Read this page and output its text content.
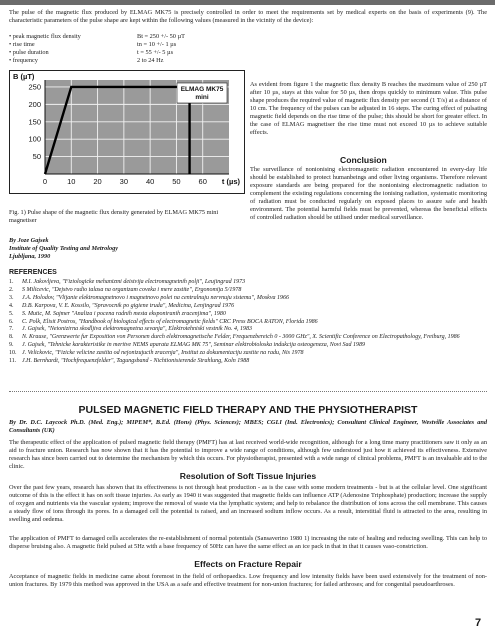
The pulse of the magnetic flux produced by ELMAG MK75 is precisely controlled in order to meet the requirements set by medical experts on the basis of experiments (9). The characteristic parameters of the pulse shape are kept within the following values (measured in the vicinity of the device):

• peak magnetic flux density	Bt = 250 +/- 50 µT
• rise time	tn = 10 +/- 1 µs
• pulse duration	t = 55 +/- 5 µs
• frequency	2 to 24 Hz
50
100
150
200
250
0	10 20 30 40 50 60
B (µT)
t (µs)
ELMAG MK75
mini

Fig. 1) Pulse shape of the magnetic flux density generated by ELMAG MK75 mini magnetiser

As evident from figure 1 the magnetic flux density B reaches the maximum value of 250 µT after 10 µs, stays at this value for 50 µs, then drops quickly to minimum value. This pulse shape produces the required value of magnetic flux density per second (1 T/s) at a distance of 10 cm. The frequency of the pulses can be adjusted in 16 steps. The curing effect of pulsating magnetic field depends on the rise time of the pulse; this should be short for greater effect. In the case of ELMAG magnetiser the rise time must not exceed 10 µs to achieve suitable effects.

Conclusion

The surveillance of nonionising electromagnetic radiation encountered in every-day life should be established to protect humanbeings and other living organisms. Therefore relevant exposure standards are being prepared for the nonionising electromagnetic radiation to complement the existing regulations concerning the ionising radiation, systematic monitoring of radiation must be conducted regularly on exposed places to assure safe and health environment. The potential harmful fields must be prevented, whereas the beneficial effects of controlled radiation should be utilised under medical surveillance.

By Joze Gajsek
Institute of Quality Testing and Metrology
Ljubljana, 1990
REFERENCES
1.	M.I. Jakovljeva, "Fiziologicke mehanizmi deistvija electromagnetnih polji", Leujingrad 1973
2.	S Milicevic, "Dejstvo radio talasa na organizam coveka i mere zastite", Ergonomija 5/1978
3.	J.A. Holodov, "Vlijanie elektromagnetnovo i magnetnovo polei na centralnuju nervnuju sistemu", Moskva 1966
4.	D.B. Karpova, V. E. Kossilo, "Spravocnik po gigiene truda", Medicina, Lenjingrad 1976
5.	S. Mutic, M. Sajmer "Analiza i pocena radnih mesta eksponiranih zracenjima", 1980
6.	C. Polk, Elisit Postros, "Handbook of biological effects of electromagnetic fields" CRC Press BOCA RATON, Florida 1986
7.	J. Gajsek, "Neionizirna skodljiva elektromagnetna sevanja", Elektrotehniski vestnik No. 4, 1983
8.	N. Krause, "Grenzwerte fur Exposition von Personen durch elektromagnetische Felder, Frequenzbereich 0 - 3000 GHz", X. Scientific Conference on Electropathology, Freiburg, 1986
9.	J. Gajsek, "Tehnicke karakteristike in meritve NEMS aparata ELMAG MK 75", Seminar elektrobioloska indukcija osteogeneza, Novi Sad 1989
10. J. Velickovic, "Fizicke velicine zastita od nejonizujucih zracenja", Institut za dokumentaciju zastite na radu, Nis 1978
11. J.H. Bernhardt, "Hochfrequenzfelder", Tagungsband - Nichtionisierende Strahlung, Koln 1988
PULSED MAGNETIC FIELD THERAPY AND THE PHYSIOTHERAPIST
By Dr. D.C. Laycock Ph.D. (Med. Eng.); MIPEM*, B.Ed. (Hons) (Phys. Sciences); MBES; CGLI (Ind. Electronics); Consultant Clinical Engineer, Westville Associates and Consultants (UK)

The therapeutic effect of the application of pulsed magnetic field therapy (PMFT) has at last received world-wide recognition, although for a long time many practitioners saw it only as an aid to fracture union. Research has now shown that it has the potential to improve a wide range of conditions, although few understood just how it achieved its effectiveness. Extensive research has since been carried out to determine the mechanism by which this occurs. For physiotherapist, presented with a wide range of clinical problems, PMFT is an invaluable aid to the clinic.

Resolution of Soft Tissue Injuries

Over the past few years, research has shown that its effectiveness is not through heat production - as is the case with some modern treatments - but is at the cellular level. One significant outcome of this is the effect it has on soft tissue injuries. As early as 1940 it was suggested that magnetic fields can influence ATP (Adenosine Triphosphate) production; increase the supply of oxygen and nutrients via the vascular system; improve the removal of waste via the lymphatic system; and help to rebalance the distribution of ions across the cell membrane. This causes a steady flow of ions through its pores. In a damaged cell the potential is raised, and an increased sodium inflow occurs. As a result, interstitial fluid is attracted to the area, resulting in swelling and oedema.

The application of PMFT to damaged cells accelerates the re-establishment of normal potentials (Sansaverino 1980 1) increasing the rate of healing and reducing swelling. This can help to disperse bruising also. A magnetic field pulsed at 5Hz with a base frequency of 50Hz can have the same effect as an ice pack in that in that it causes vaso-constriction.

Effects on Fracture Repair

Acceptance of magnetic fields in medicine came about foremost in the field of orthopaedics. Low frequency and low intensity fields have been used extensively for the treatment of non-union fractures. By 1979 this method was approved in the USA as a safe and effective treatment for non-union fractures; for failed arthroses; and for congenital pseudoarthroses.

7
